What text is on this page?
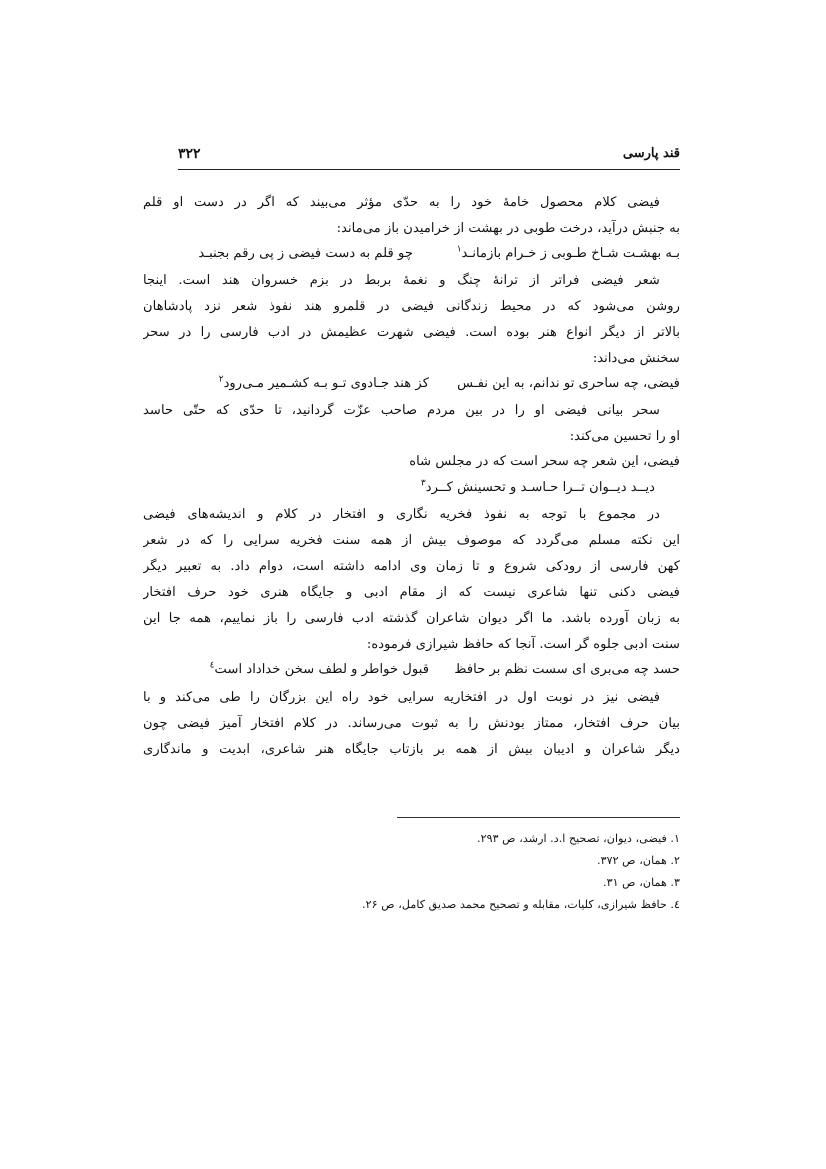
قند پارسی
۳۲۲
فیضی کلام محصول خامهٔ خود را به حدّی مؤثر می‌بیند که اگر در دست او قلم
به جنبش درآید، درخت طوبی در بهشت از خرامیدن باز می‌ماند:
بـه بهشـت شـاخ طـوبی ز خـرام بازمانـد$^۱$
چو قلم به دست فیضی ز پی رقم بجنبـد
شعر فیضی فراتر از ترانهٔ چنگ و نغمهٔ بربط در بزم خسروان هند است. اینجا
روشن می‌شود که در محیط زندگانی فیضی در قلمرو هند نفوذ شعر نزد پادشاهان
بالاتر از دیگر انواع هنر بوده است. فیضی شهرت عظیمش در ادب فارسی را در سحر
سخنش می‌داند:
فیضی، چه ساحری تو ندانم، به این نفـس
کز هند جـادوی تـو بـه کشـمیر مـی‌رود$^۲$
سحر بیانی فیضی او را در بین مردم صاحب عزّت گردانید، تا حدّی که حتّی حاسد
او را تحسین می‌کند:
فیضی، این شعر چه سحر است که در مجلس شاه
دیــد دیــوان تــرا حـاسـد و تحسینش کــرد$^۳$
در مجموع با توجه به نفوذ فخریه نگاری و افتخار در کلام و اندیشه‌های فیضی
این نکته مسلم می‌گردد که موصوف بیش از همه سنت فخریه سرایی را که در شعر
کهن فارسی از رودکی شروع و تا زمان وی ادامه داشته است، دوام داد. به تعبیر دیگر
فیضی دکنی تنها شاعری نیست که از مقام ادبی و جایگاه هنری خود حرف افتخار
به زبان آورده باشد. ما اگر دیوان شاعران گذشته ادب فارسی را باز نماییم، همه جا این
سنت ادبی جلوه گر است. آنجا که حافظ شیرازی فرموده:
حسد چه می‌بری ای سست نظم بر حافظ
قبول خواطر و لطف سخن خداداد است$^٤$
فیضی نیز در نوبت اول در افتخاریه سرایی خود راه این بزرگان را طی می‌کند و با
بیان حرف افتخار، ممتاز بودنش را به ثبوت می‌رساند. در کلام افتخار آمیز فیضی چون
دیگر شاعران و ادیبان بیش از همه بر بازتاب جایگاه هنر شاعری، ابدیت و ماندگاری
۱. فیضی، دیوان، تصحیح ا.د. ارشد، ص ۲۹۳.
۲. همان، ص ۳۷۲.
۳. همان، ص ۳۱.
٤. حافظ شیرازی، کلیات، مقابله و تصحیح محمد صدیق کامل، ص ۲۶.
